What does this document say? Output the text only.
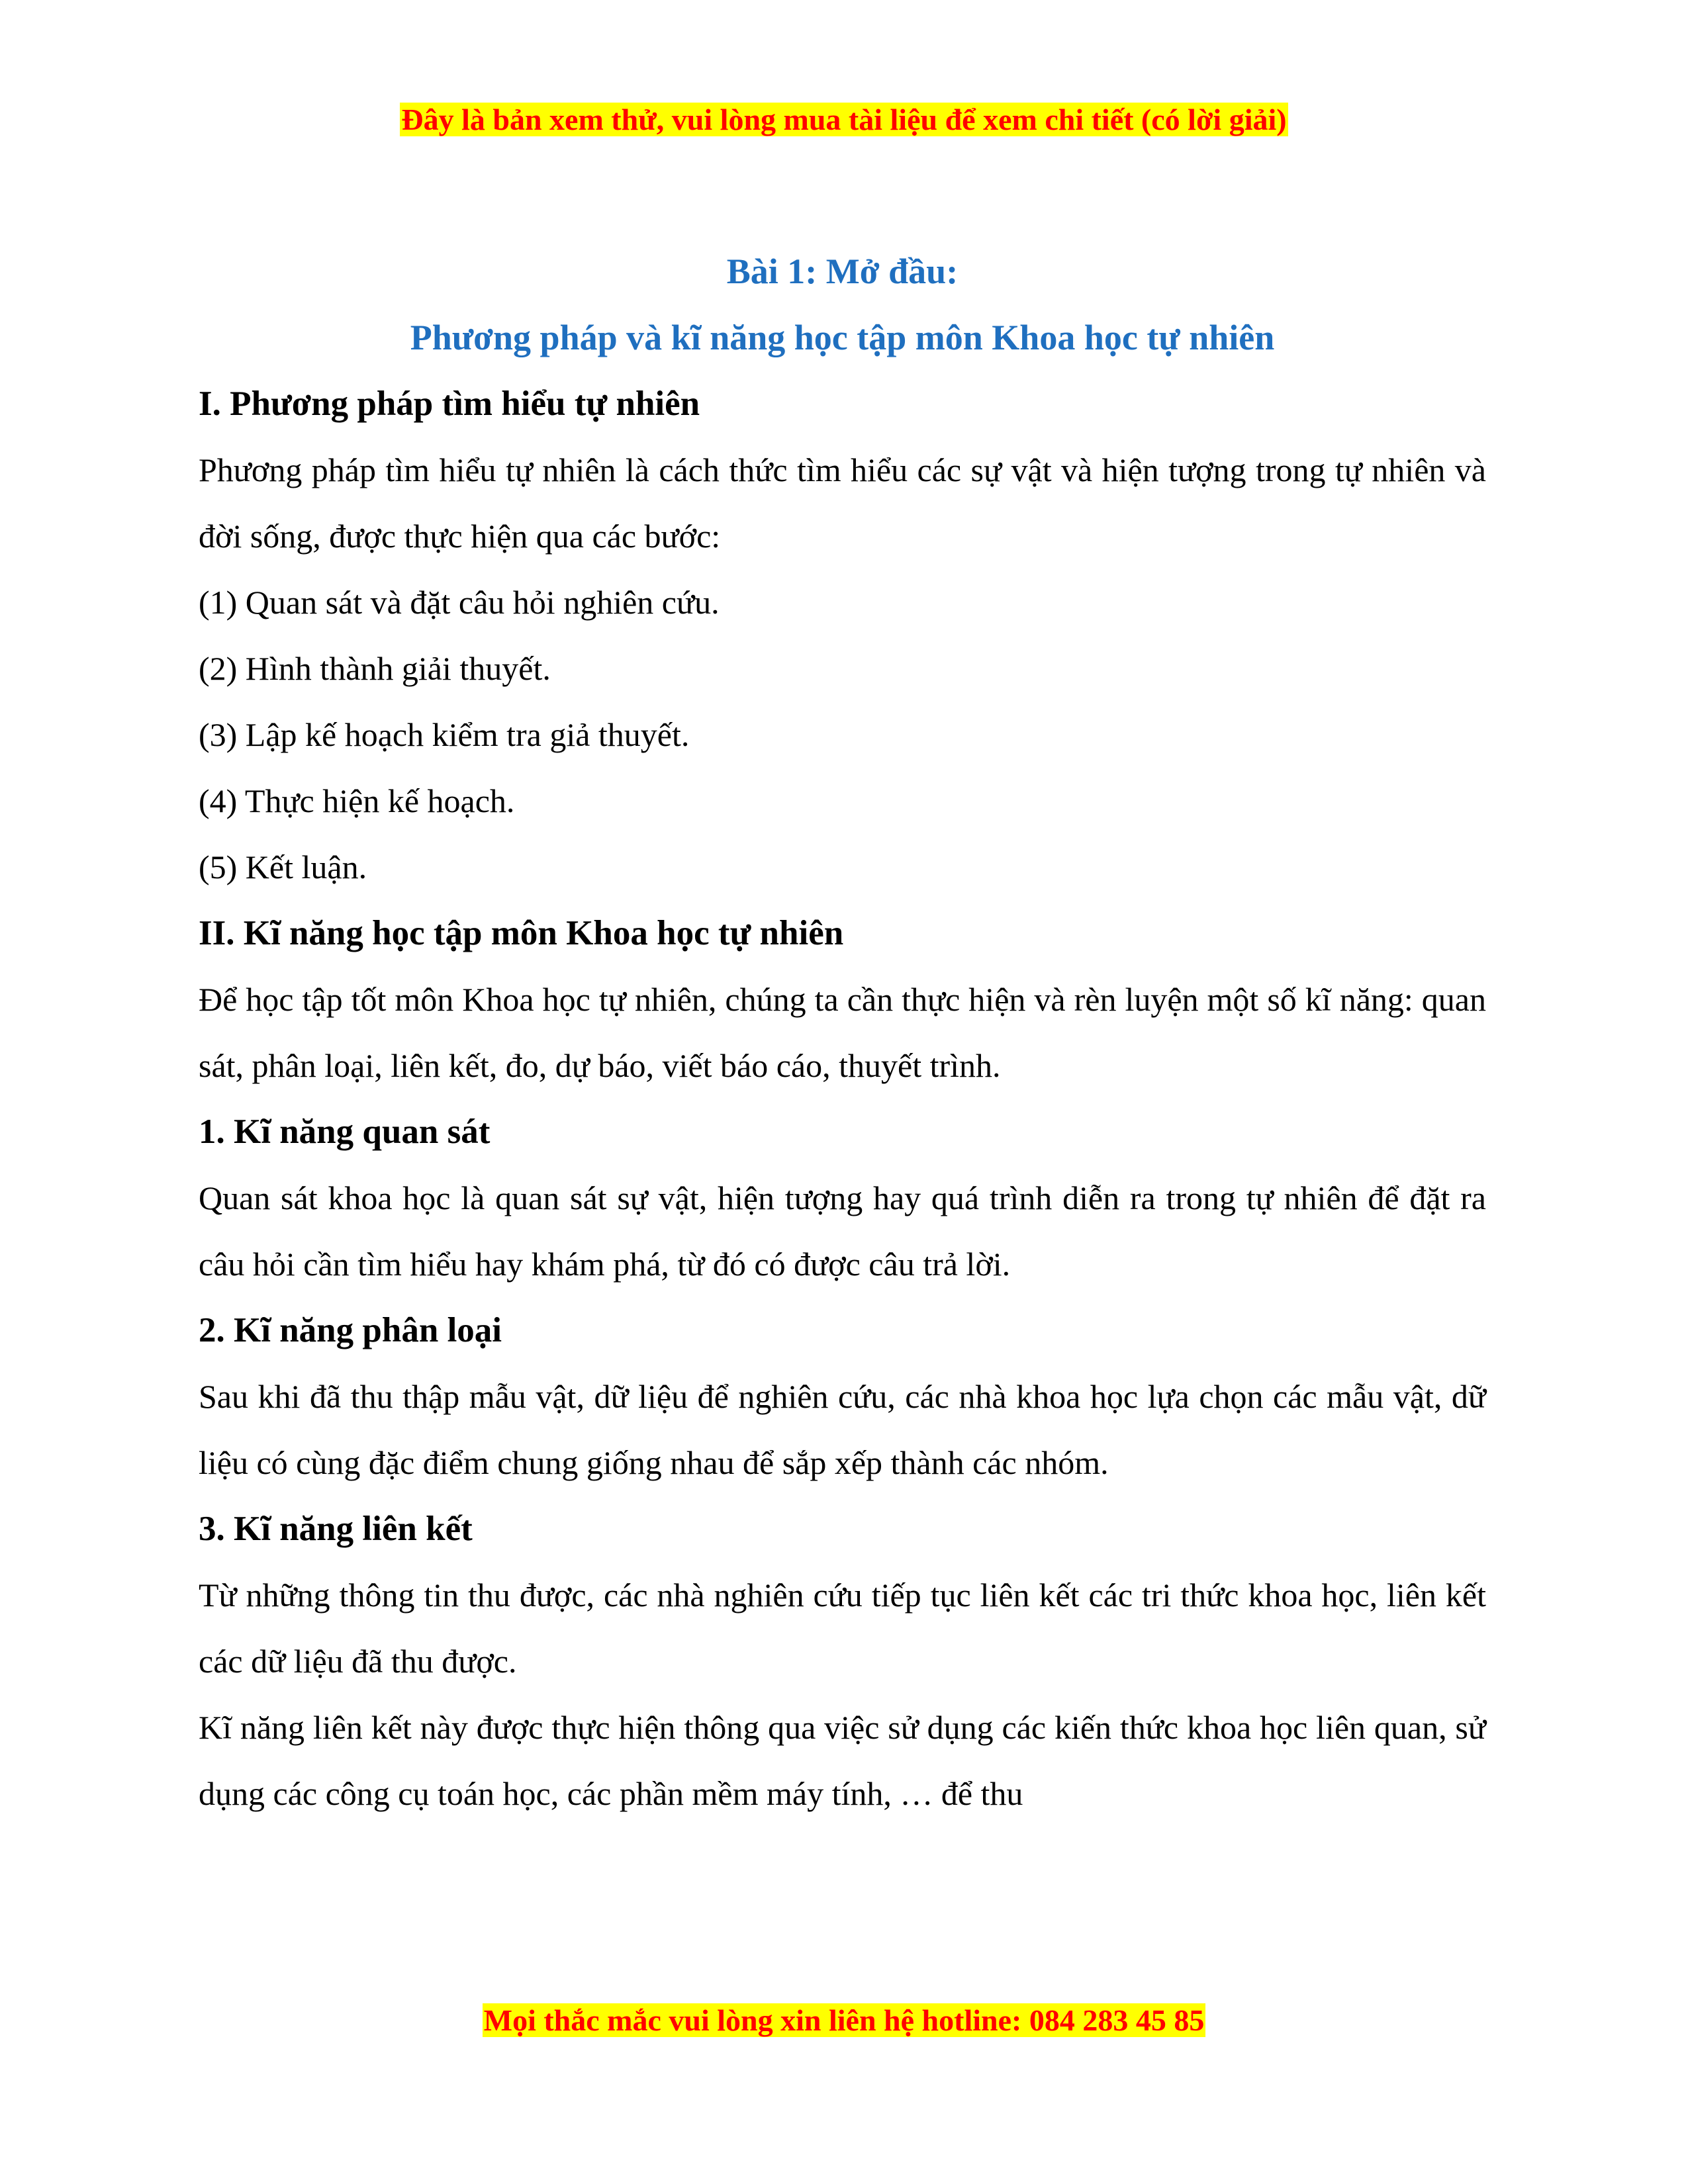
Đây là bản xem thử, vui lòng mua tài liệu để xem chi tiết (có lời giải)

Bài 1: Mở đầu:

Phương pháp và kĩ năng học tập môn Khoa học tự nhiên

I. Phương pháp tìm hiểu tự nhiên

Phương pháp tìm hiểu tự nhiên là cách thức tìm hiểu các sự vật và hiện tượng trong tự nhiên và đời sống, được thực hiện qua các bước:

(1) Quan sát và đặt câu hỏi nghiên cứu.

(2) Hình thành giải thuyết.

(3) Lập kế hoạch kiểm tra giả thuyết.

(4) Thực hiện kế hoạch.

(5) Kết luận.

II. Kĩ năng học tập môn Khoa học tự nhiên

Để học tập tốt môn Khoa học tự nhiên, chúng ta cần thực hiện và rèn luyện một số kĩ năng: quan sát, phân loại, liên kết, đo, dự báo, viết báo cáo, thuyết trình.

1. Kĩ năng quan sát

Quan sát khoa học là quan sát sự vật, hiện tượng hay quá trình diễn ra trong tự nhiên để đặt ra câu hỏi cần tìm hiểu hay khám phá, từ đó có được câu trả lời.

2. Kĩ năng phân loại

Sau khi đã thu thập mẫu vật, dữ liệu để nghiên cứu, các nhà khoa học lựa chọn các mẫu vật, dữ liệu có cùng đặc điểm chung giống nhau để sắp xếp thành các nhóm.

3. Kĩ năng liên kết

Từ những thông tin thu được, các nhà nghiên cứu tiếp tục liên kết các tri thức khoa học, liên kết các dữ liệu đã thu được.

Kĩ năng liên kết này được thực hiện thông qua việc sử dụng các kiến thức khoa học liên quan, sử dụng các công cụ toán học, các phần mềm máy tính, … để thu

Mọi thắc mắc vui lòng xin liên hệ hotline: 084 283 45 85
